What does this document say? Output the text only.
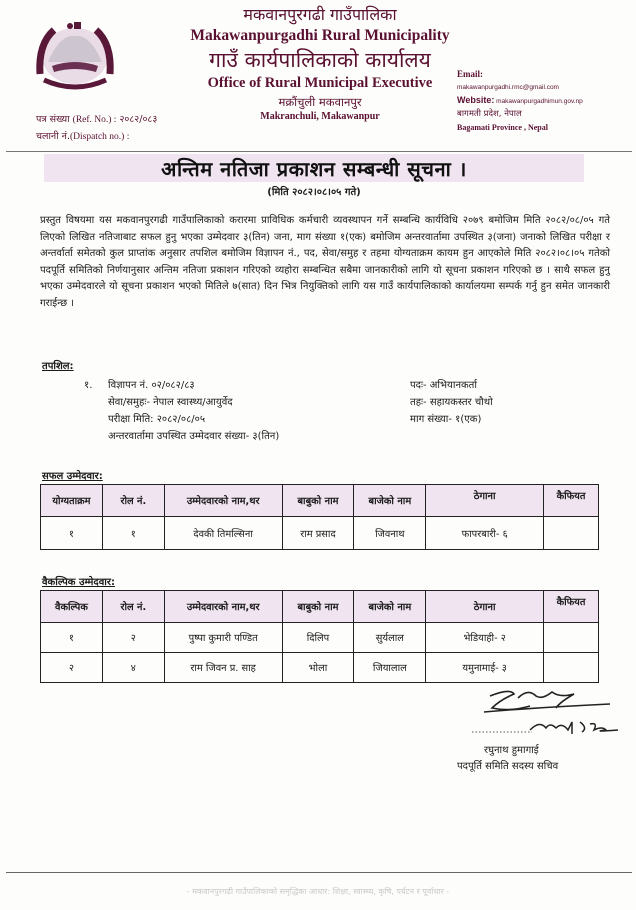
मकवानपुरगढी गाउँपालिका
Makawanpurgadhi Rural Municipality
गाउँ कार्यपालिकाको कार्यालय
Office of Rural Municipal Executive
मक्रौंचुली मकवानपुर
Makranchuli, Makawanpur
पत्र संख्या (Ref. No.) : २०८२/०८३
चलानी नं.(Dispatch no.) :
Email:
makawanpurgadhi.rmc@gmail.com
Website: makawanpurgadhimun.gov.np
बागमती प्रदेश, नेपाल
Bagamati Province , Nepal
अन्तिम नतिजा प्रकाशन सम्बन्धी सूचना ।
(मिति २०८२।०८।०५ गते)
प्रस्तुत विषयमा यस मकवानपुरगढी गाउँपालिकाको करारमा प्राविधिक कर्मचारी व्यवस्थापन गर्ने सम्बन्धि कार्यविधि २०७९ बमोजिम मिति २०८२/०८/०५ गते लिएको लिखित नतिजाबाट सफल हुनु भएका उम्मेदवार ३(तिन) जना, माग संख्या १(एक) बमोजिम अन्तरवार्तामा उपस्थित ३(जना) जनाको लिखित परीक्षा र अन्तर्वार्ता समेतको कुल प्राप्तांक अनुसार तपशिल बमोजिम विज्ञापन नं., पद, सेवा/समुह र तहमा योग्यताक्रम कायम हुन आएकोले मिति २०८२।०८।०५ गतेको पदपूर्ति समितिको निर्णयानुसार अन्तिम नतिजा प्रकाशन गरिएको व्यहोरा सम्बन्धित सबैमा जानकारीको लागि यो सूचना प्रकाशन गरिएको छ । साथै सफल हुनु भएका उम्मेदवारले यो सूचना प्रकाशन भएको मितिले ७(सात) दिन भित्र नियुक्तिको लागि यस गाउँ कार्यपालिकाको कार्यालयमा सम्पर्क गर्नु हुन समेत जानकारी गराईन्छ ।
तपशिल:
१. विज्ञापन नं. ०२/०८२/८३
सेवा/समुहः- नेपाल स्वास्थ्य/आयुर्वेद
परीक्षा मिति: २०८२/०८/०५
अन्तरवार्तामा उपस्थित उम्मेदवार संख्या- ३(तिन)
पदः- अभियानकर्ता
तहः- सहायकस्तर चौथो
माग संख्या- १(एक)
सफल उम्मेदवार:
योग्यताक्रम	रोल नं.	उम्मेदवारको नाम,थर	बाबुको नाम	बाजेको नाम	ठेगाना	कैफियत
१	१	देवकी तिमल्सिना	राम प्रसाद	जिवनाथ	फापरबारी- ६	
वैकल्पिक उम्मेदवार:
वैकल्पिक	रोल नं.	उम्मेदवारको नाम,थर	बाबुको नाम	बाजेको नाम	ठेगाना	कैफियत
१	२	पुष्पा कुमारी पण्डित	दिलिप	सुर्यलाल	भेडियाही- २	
२	४	राम जिवन प्र. साह	भोला	जियालाल	यमुनामाई- ३	
रघुनाथ हुमागाई
पदपूर्ति समिति सदस्य सचिव
- मकवानपुरगढी गाउँपालिकाको समृद्धिका आधार: शिक्षा, स्वास्थ्य, कृषि, पर्यटन र पूर्वाधार -
